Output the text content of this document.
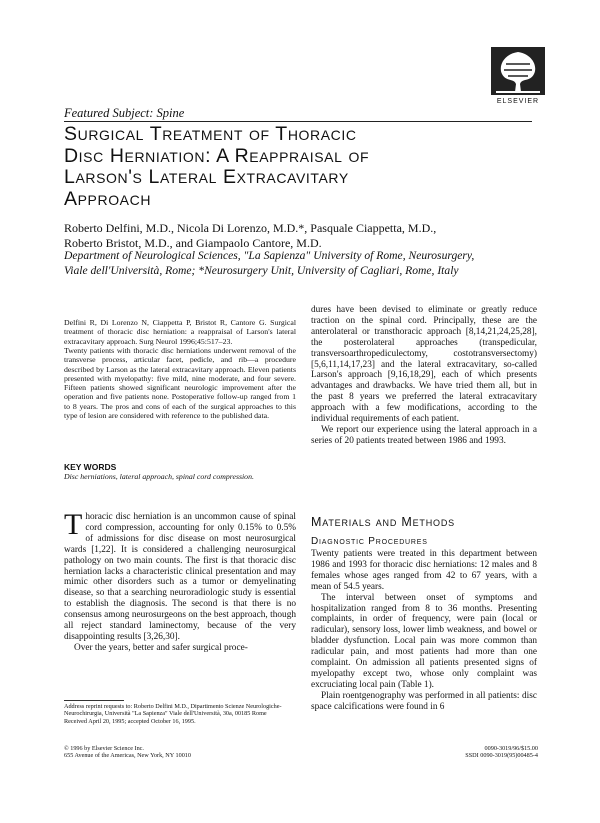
ELSEVIER
Featured Subject: Spine
Surgical Treatment of Thoracic
Disc Herniation: A Reappraisal of
Larson's Lateral Extracavitary
Approach
Roberto Delfini, M.D., Nicola Di Lorenzo, M.D.*, Pasquale Ciappetta, M.D.,
Roberto Bristot, M.D., and Giampaolo Cantore, M.D.
Department of Neurological Sciences, "La Sapienza" University of Rome, Neurosurgery,
Viale dell'Università, Rome; *Neurosurgery Unit, University of Cagliari, Rome, Italy

Delfini R, Di Lorenzo N, Ciappetta P, Bristot R, Cantore G. Surgical treatment of thoracic disc herniation: a reappraisal of Larson's lateral extracavitary approach. Surg Neurol 1996;45:517–23.

Twenty patients with thoracic disc herniations underwent removal of the transverse process, articular facet, pedicle, and rib—a procedure described by Larson as the lateral extracavitary approach. Eleven patients presented with myelopathy: five mild, nine moderate, and four severe. Fifteen patients showed significant neurologic improvement after the operation and five patients none. Postoperative follow-up ranged from 1 to 8 years. The pros and cons of each of the surgical approaches to this type of lesion are considered with reference to the published data.

KEY WORDS
Disc herniations, lateral approach, spinal cord compression.

Thoracic disc herniation is an uncommon cause of spinal cord compression, accounting for only 0.15% to 0.5% of admissions for disc disease on most neurosurgical wards [1,22]. It is considered a challenging neurosurgical pathology on two main counts. The first is that thoracic disc herniation lacks a characteristic clinical presentation and may mimic other disorders such as a tumor or demyelinating disease, so that a searching neuroradiologic study is essential to establish the diagnosis. The second is that there is no consensus among neurosurgeons on the best approach, though all reject standard laminectomy, because of the very disappointing results [3,26,30].

Over the years, better and safer surgical proce-

dures have been devised to eliminate or greatly reduce traction on the spinal cord. Principally, these are the anterolateral or transthoracic approach [8,14,21,24,25,28], the posterolateral approaches (transpedicular, transversoarthropediculectomy, costotransversectomy) [5,6,11,14,17,23] and the lateral extracavitary, so-called Larson's approach [9,16,18,29], each of which presents advantages and drawbacks. We have tried them all, but in the past 8 years we preferred the lateral extracavitary approach with a few modifications, according to the individual requirements of each patient.

We report our experience using the lateral approach in a series of 20 patients treated between 1986 and 1993.

Materials and Methods
Diagnostic Procedures

Twenty patients were treated in this department between 1986 and 1993 for thoracic disc herniations: 12 males and 8 females whose ages ranged from 42 to 67 years, with a mean of 54.5 years.

The interval between onset of symptoms and hospitalization ranged from 8 to 36 months. Presenting complaints, in order of frequency, were pain (local or radicular), sensory loss, lower limb weakness, and bowel or bladder dysfunction. Local pain was more common than radicular pain, and most patients had more than one complaint. On admission all patients presented signs of myelopathy except two, whose only complaint was excruciating local pain (Table 1).

Plain roentgenography was performed in all patients: disc space calcifications were found in 6

Address reprint requests to: Roberto Delfini M.D., Dipartimento Scienze Neurologiche-Neurochirurgia, Università "La Sapienza" Viale dell'Università, 30a, 00185 Rome
Received April 20, 1995; accepted October 16, 1995.
© 1996 by Elsevier Science Inc.
655 Avenue of the Americas, New York, NY 10010
0090-3019/96/$15.00
SSDI 0090-3019(95)00485-4
